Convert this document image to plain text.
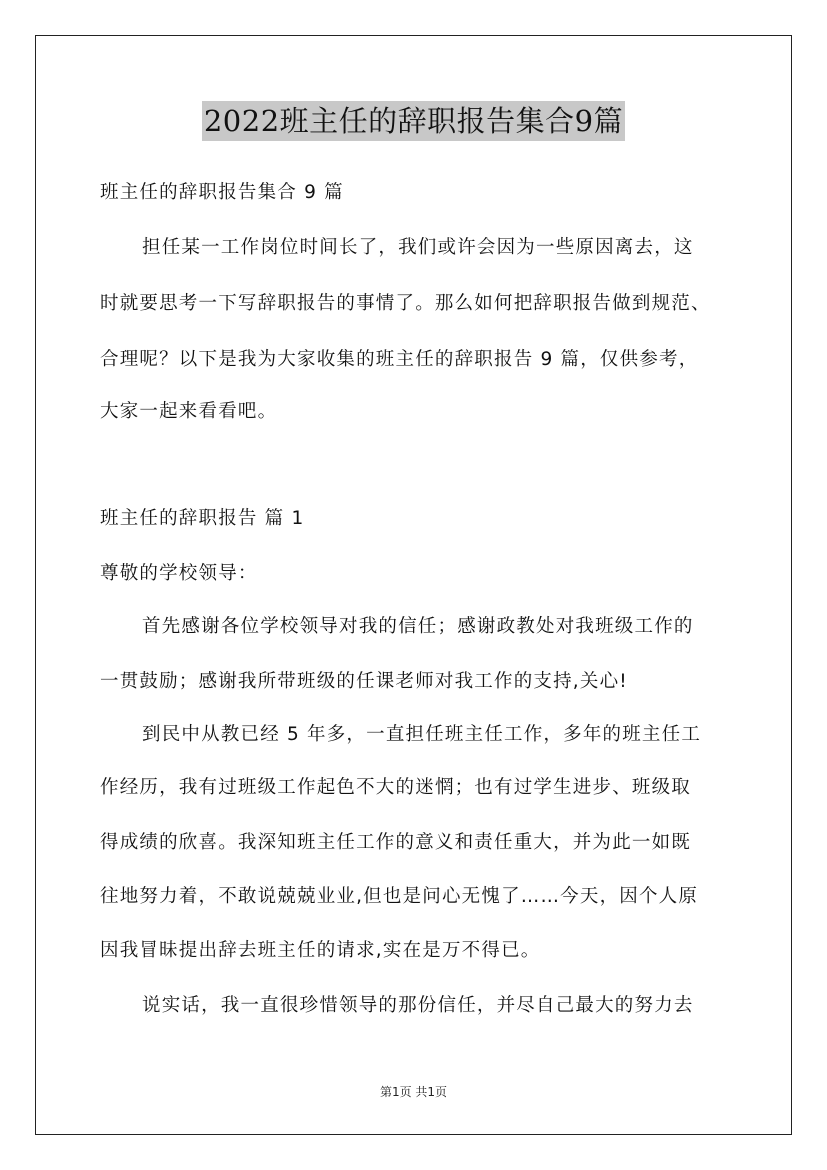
2022班主任的辞职报告集合9篇
班主任的辞职报告集合 9 篇
担任某一工作岗位时间长了，我们或许会因为一些原因离去，这
时就要思考一下写辞职报告的事情了。那么如何把辞职报告做到规范、
合理呢？以下是我为大家收集的班主任的辞职报告 9 篇，仅供参考，
大家一起来看看吧。
班主任的辞职报告 篇 1
尊敬的学校领导：
首先感谢各位学校领导对我的信任；感谢政教处对我班级工作的
一贯鼓励；感谢我所带班级的任课老师对我工作的支持,关心!
到民中从教已经 5 年多，一直担任班主任工作，多年的班主任工
作经历，我有过班级工作起色不大的迷惘；也有过学生进步、班级取
得成绩的欣喜。我深知班主任工作的意义和责任重大，并为此一如既
往地努力着，不敢说兢兢业业,但也是问心无愧了……今天，因个人原
因我冒昧提出辞去班主任的请求,实在是万不得已。
说实话，我一直很珍惜领导的那份信任，并尽自己最大的努力去
第1页 共1页
